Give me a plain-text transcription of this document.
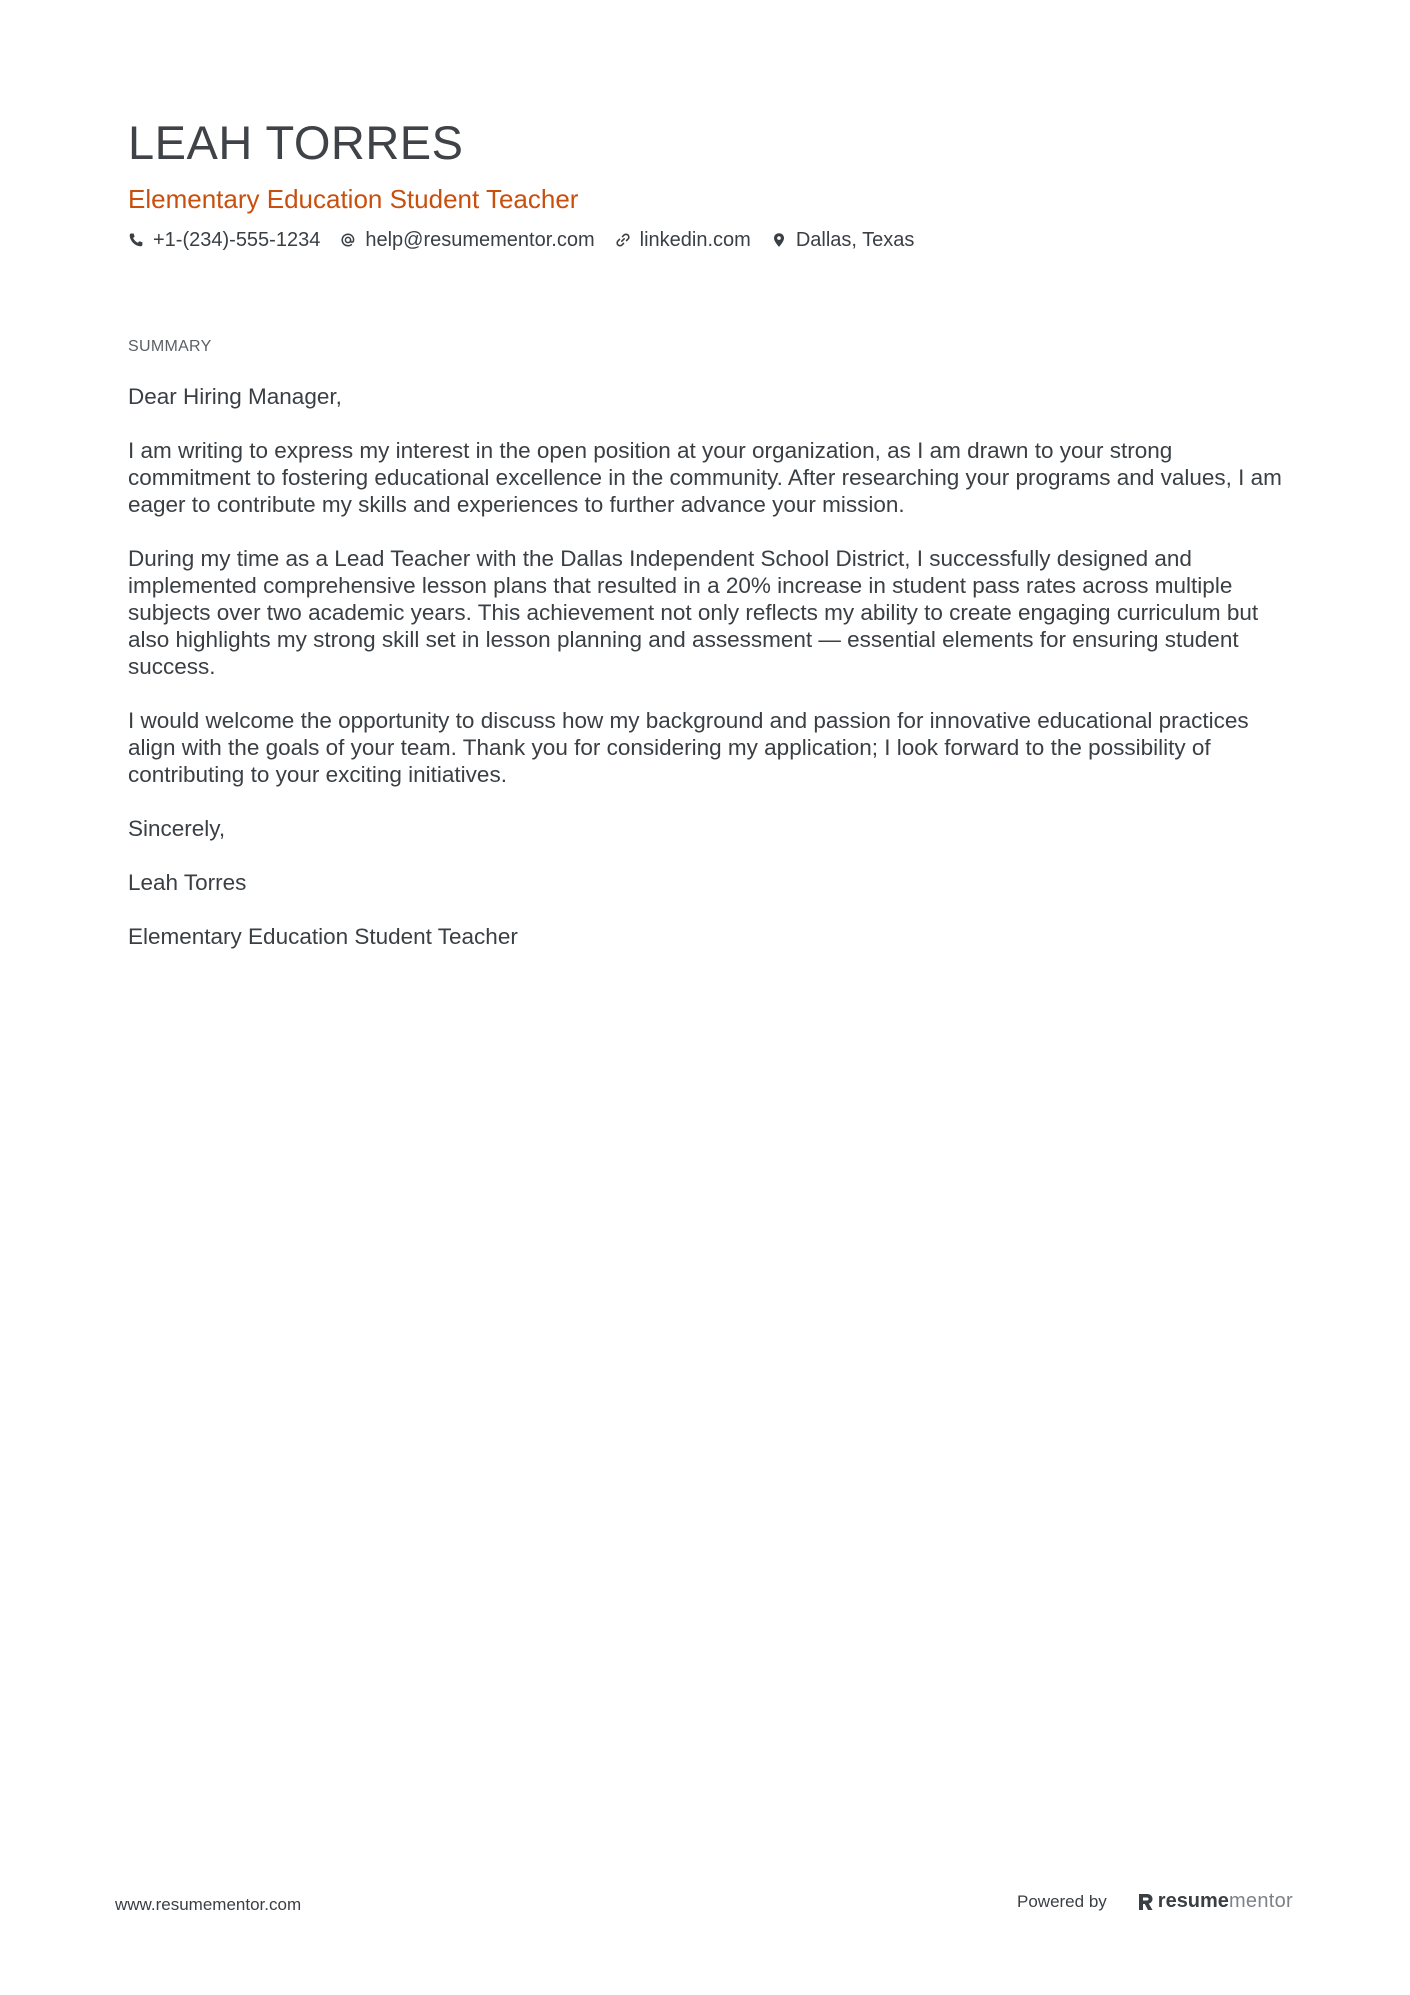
LEAH TORRES
Elementary Education Student Teacher
+1-(234)-555-1234 help@resumementor.com linkedin.com Dallas, Texas
SUMMARY

Dear Hiring Manager,

I am writing to express my interest in the open position at your organization, as I am drawn to your strong commitment to fostering educational excellence in the community. After researching your programs and values, I am eager to contribute my skills and experiences to further advance your mission.

During my time as a Lead Teacher with the Dallas Independent School District, I successfully designed and implemented comprehensive lesson plans that resulted in a 20% increase in student pass rates across multiple subjects over two academic years. This achievement not only reflects my ability to create engaging curriculum but also highlights my strong skill set in lesson planning and assessment — essential elements for ensuring student success.

I would welcome the opportunity to discuss how my background and passion for innovative educational practices align with the goals of your team. Thank you for considering my application; I look forward to the possibility of contributing to your exciting initiatives.

Sincerely,

Leah Torres

Elementary Education Student Teacher

www.resumementor.com	Powered by	resume mentor
